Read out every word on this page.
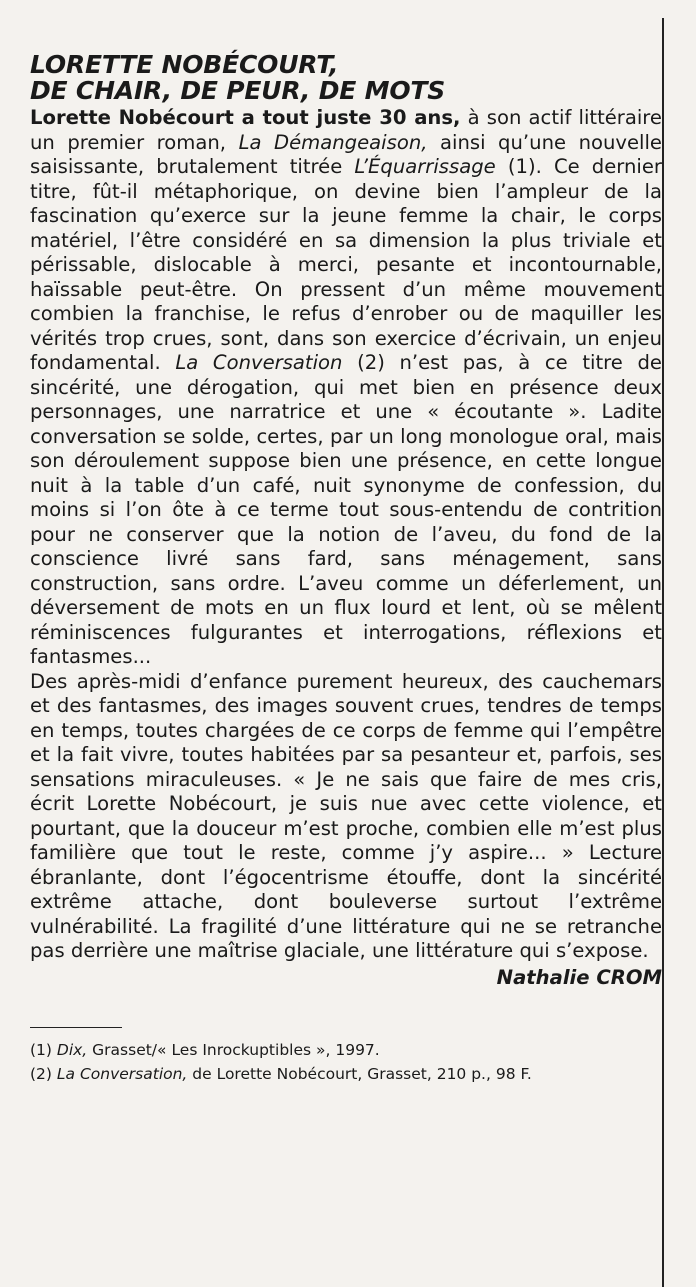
LORETTE NOBÉCOURT,
DE CHAIR, DE PEUR, DE MOTS

Lorette Nobécourt a tout juste 30 ans, à son actif littéraire un premier roman, La Démangeaison, ainsi qu’une nouvelle saisissante, brutalement titrée L’Équarrissage (1). Ce dernier titre, fût-il métaphorique, on devine bien l’ampleur de la fascination qu’exerce sur la jeune femme la chair, le corps matériel, l’être considéré en sa dimension la plus triviale et périssable, dislocable à merci, pesante et incontournable, haïssable peut-être. On pressent d’un même mouvement combien la franchise, le refus d’enrober ou de maquiller les vérités trop crues, sont, dans son exercice d’écrivain, un enjeu fondamental. La Conversation (2) n’est pas, à ce titre de sincérité, une dérogation, qui met bien en présence deux personnages, une narratrice et une « écoutante ». Ladite conversation se solde, certes, par un long monologue oral, mais son déroulement suppose bien une présence, en cette longue nuit à la table d’un café, nuit synonyme de confession, du moins si l’on ôte à ce terme tout sous-entendu de contrition pour ne conserver que la notion de l’aveu, du fond de la conscience livré sans fard, sans ménagement, sans construction, sans ordre. L’aveu comme un déferlement, un déversement de mots en un flux lourd et lent, où se mêlent réminiscences fulgurantes et interrogations, réflexions et fantasmes...

Des après-midi d’enfance purement heureux, des cauchemars et des fantasmes, des images souvent crues, tendres de temps en temps, toutes chargées de ce corps de femme qui l’empêtre et la fait vivre, toutes habitées par sa pesanteur et, parfois, ses sensations miraculeuses. « Je ne sais que faire de mes cris, écrit Lorette Nobécourt, je suis nue avec cette violence, et pourtant, que la douceur m’est proche, combien elle m’est plus familière que tout le reste, comme j’y aspire... » Lecture ébranlante, dont l’égocentrisme étouffe, dont la sincérité extrême attache, dont bouleverse surtout l’extrême vulnérabilité. La fragilité d’une littérature qui ne se retranche pas derrière une maîtrise glaciale, une littérature qui s’expose.

Nathalie CROM
(1) Dix, Grasset/« Les Inrockuptibles », 1997.
(2) La Conversation, de Lorette Nobécourt, Grasset, 210 p., 98 F.
